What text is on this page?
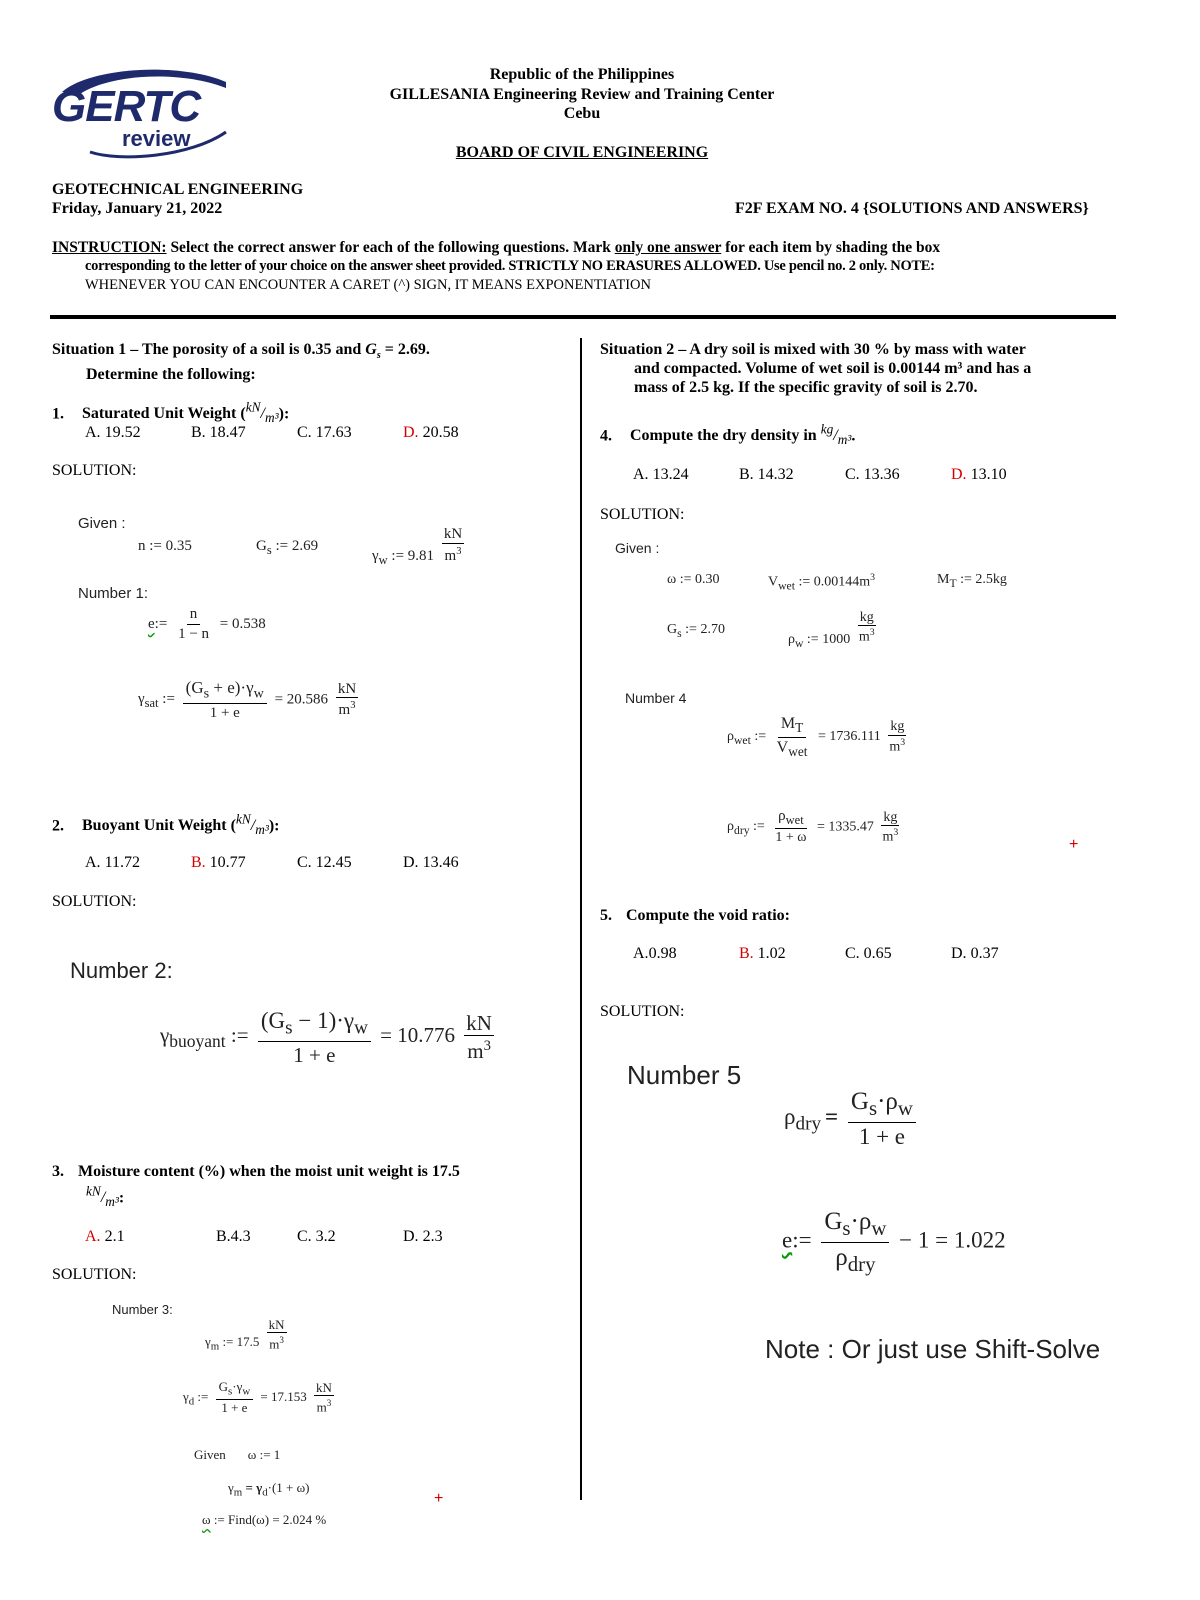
GERTC
review
Republic of the Philippines
GILLESANIA Engineering Review and Training Center
Cebu
BOARD OF CIVIL ENGINEERING
GEOTECHNICAL ENGINEERING
Friday, January 21, 2022	F2F EXAM NO. 4 {SOLUTIONS AND ANSWERS}
INSTRUCTION: Select the correct answer for each of the following questions. Mark only one answer for each item by shading the box
corresponding to the letter of your choice on the answer sheet provided. STRICTLY NO ERASURES ALLOWED. Use pencil no. 2 only. NOTE:
WHENEVER YOU CAN ENCOUNTER A CARET (^) SIGN, IT MEANS EXPONENTIATION
Situation 1 – The porosity of a soil is 0.35 and $G_s = 2.69$.
Determine the following:
1. Saturated Unit Weight $(^{kN}/_{m^3})$:
A. 19.52	B. 18.47	C. 17.63	D. 20.58
SOLUTION:
Given :
n := 0.35	$G_s$ := 2.69
$\gamma_w$ := $9.81 \frac{kN}{m^3}$
Number 1:
e:= $\frac{n}{1 - n} = 0.538$
$\gamma_{sat}$ := $\frac{(G_s + e)\cdot\gamma_w}{1 + e} = 20.586 \frac{kN}{m^3}$
2. Buoyant Unit Weight $(^{kN}/_{m^3})$:
A. 11.72	B. 10.77	C. 12.45	D. 13.46
SOLUTION:
Number 2:
$\gamma_{buoyant}$ := $\frac{(G_s - 1)\cdot\gamma_w}{1 + e} = 10.776 \frac{kN}{m^3}$
3. Moisture content (%) when the moist unit weight is 17.5
$^{kN}/_{m^3}$:
A. 2.1	B.4.3	C. 3.2	D. 2.3
SOLUTION:
Number 3:
$\gamma_m$ := $17.5 \frac{kN}{m^3}$
$\gamma_d$ := $\frac{G_s\cdot\gamma_w}{1 + e} = 17.153 \frac{kN}{m^3}$
Given ω := 1
$\gamma_m = \gamma_d\cdot(1 + \omega)$
+
ω := Find(ω) = 2.024 %
Situation 2 – A dry soil is mixed with 30 % by mass with water
and compacted. Volume of wet soil is 0.00144 m³ and has a
mass of 2.5 kg. If the specific gravity of soil is 2.70.
4. Compute the dry density in $^{kg}/_{m^3}$.
A. 13.24	B. 14.32	C. 13.36	D. 13.10
SOLUTION:
Given :
ω := 0.30	$V_{wet}$ := $0.00144m^3$	$M_T$ := 2.5kg
$G_s$ := 2.70
$\rho_w$ := $1000 \frac{kg}{m^3}$
Number 4
$\rho_{wet}$ := $\frac{M_T}{V_{wet}} = 1736.111 \frac{kg}{m^3}$
$\rho_{dry}$ := $\frac{\rho_{wet}}{1 + \omega} = 1335.47 \frac{kg}{m^3}$	+
5. Compute the void ratio:
A.0.98	B. 1.02	C. 0.65	D. 0.37
SOLUTION:
Number 5
$\rho_{dry} = \frac{G_s\cdot\rho_w}{1 + e}$
e:= $\frac{G_s\cdot\rho_w}{\rho_{dry}} - 1 = 1.022$
Note : Or just use Shift-Solve
